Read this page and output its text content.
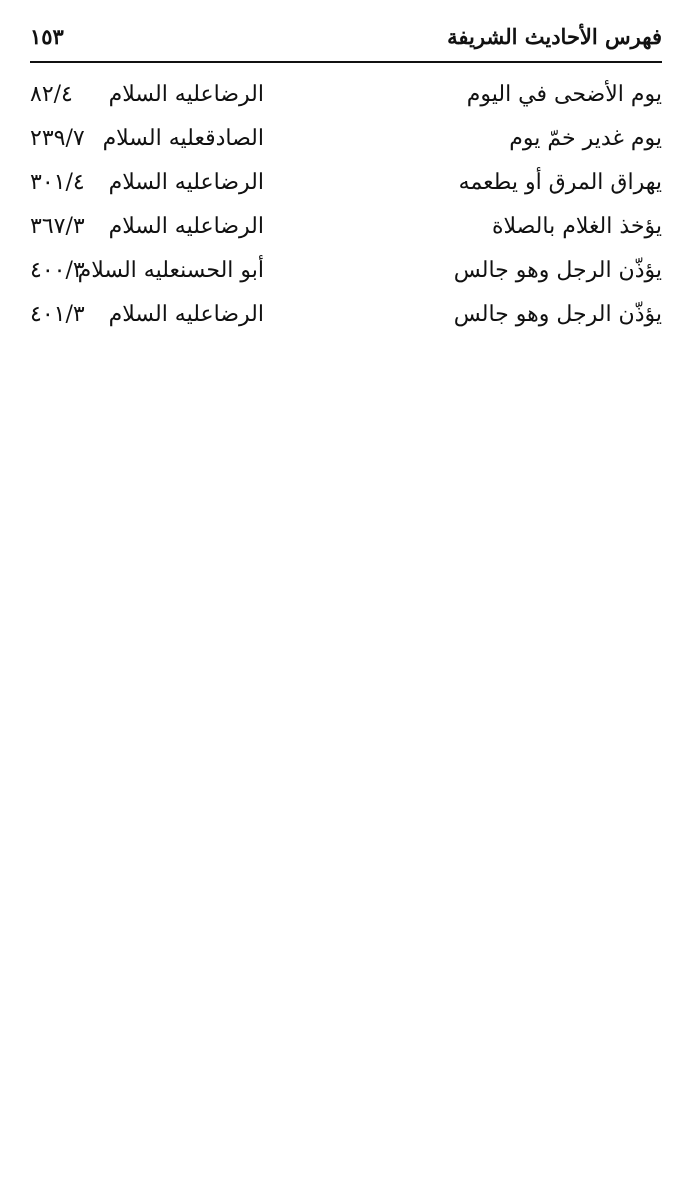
فهرس الأحاديث الشريفة
١٥٣
يوم الأضحى في اليوم
الرضاعليه السلام
٨٢/٤
يوم غدير خمّ يوم
الصادقعليه السلام
٢٣٩/٧
يهراق المرق أو يطعمه
الرضاعليه السلام
٣٠١/٤
يؤخذ الغلام بالصلاة
الرضاعليه السلام
٣٦٧/٣
يؤذّن الرجل وهو جالس
أبو الحسنعليه السلام
٤٠٠/٣
يؤذّن الرجل وهو جالس
الرضاعليه السلام
٤٠١/٣
